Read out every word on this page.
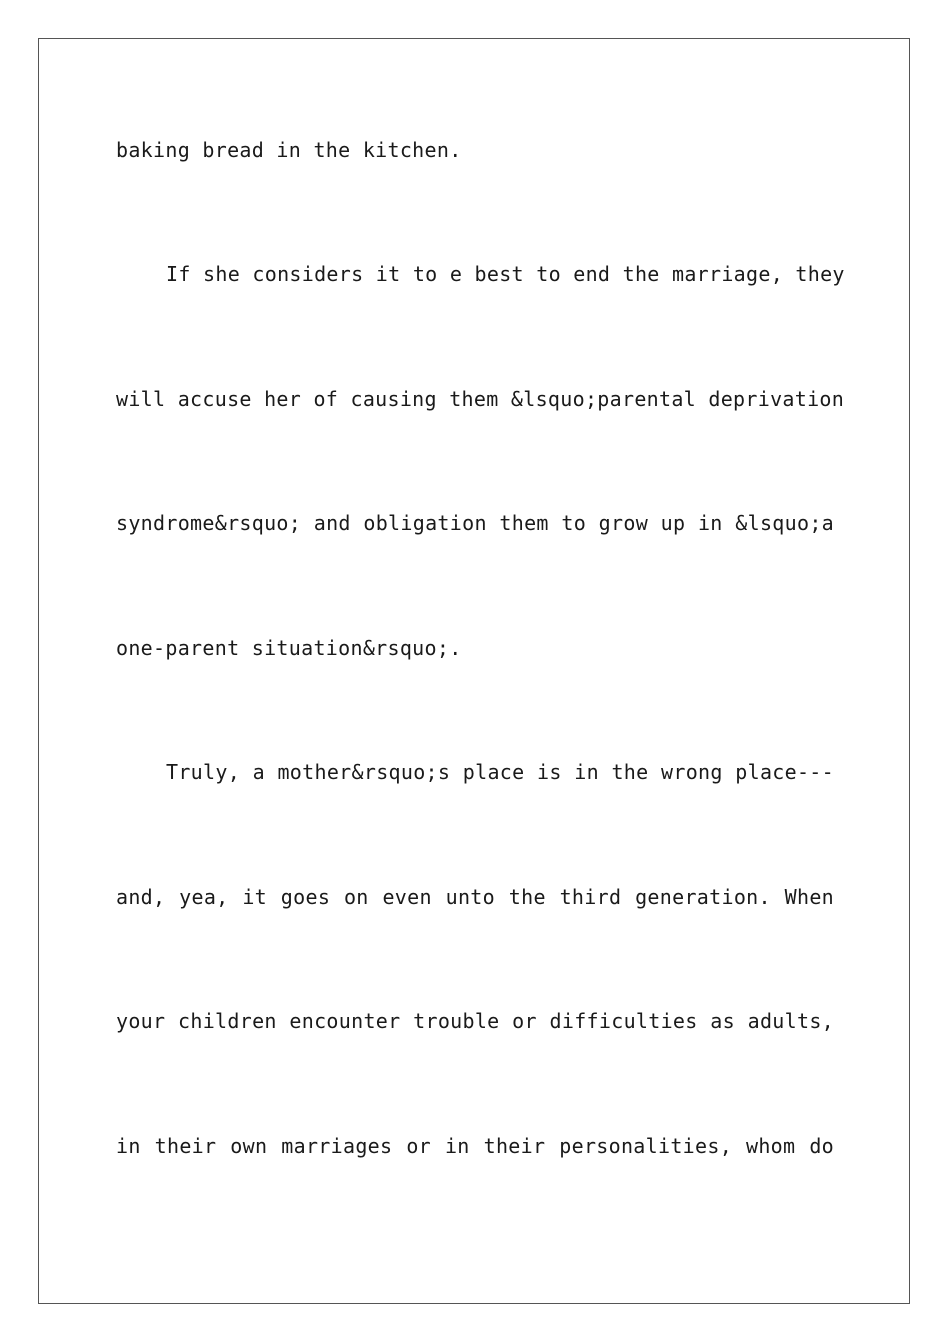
baking bread in the kitchen.
If she considers it to e best to end the marriage, they
will accuse her of causing them &lsquo;parental deprivation
syndrome&rsquo; and obligation them to grow up in &lsquo;a
one-parent situation&rsquo;.
Truly, a mother&rsquo;s place is in the wrong place---
and, yea, it goes on even unto the third generation. When
your children encounter trouble or difficulties as adults,
in their own marriages or in their personalities, whom do
